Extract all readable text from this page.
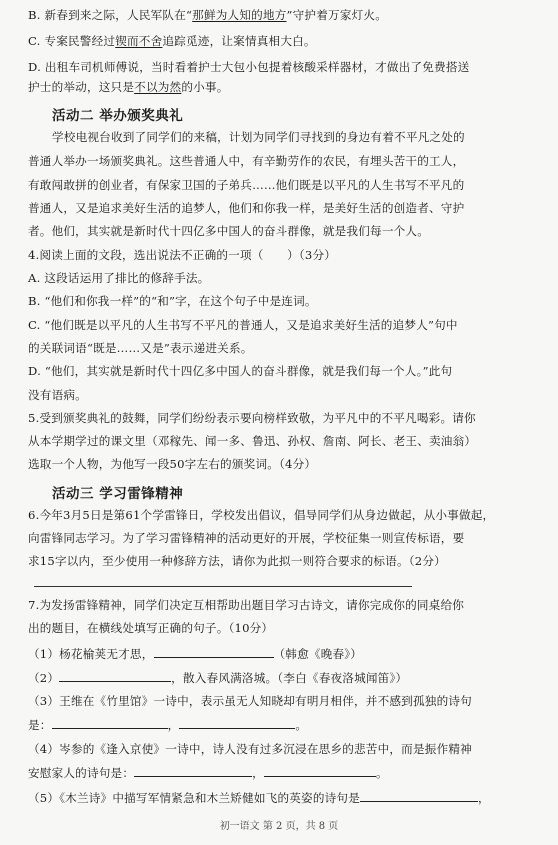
B. 新春到来之际，人民军队在“那鲜为人知的地方”守护着万家灯火。
C. 专案民警经过锲而不舍追踪觅迹，让案情真相大白。
D. 出租车司机师傅说，当时看着护士大包小包提着核酸采样器材，才做出了免费搭送
护士的举动，这只是不以为然的小事。
活动二 举办颁奖典礼
学校电视台收到了同学们的来稿，计划为同学们寻找到的身边有着不平凡之处的
普通人举办一场颁奖典礼。这些普通人中，有辛勤劳作的农民，有埋头苦干的工人，
有敢闯敢拼的创业者，有保家卫国的子弟兵……他们既是以平凡的人生书写不平凡的
普通人，又是追求美好生活的追梦人，他们和你我一样，是美好生活的创造者、守护
者。他们，其实就是新时代十四亿多中国人的奋斗群像，就是我们每一个人。
4.阅读上面的文段，选出说法不正确的一项（　　）（3分）
A. 这段话运用了排比的修辞手法。
B. “他们和你我一样”的“和”字，在这个句子中是连词。
C. “他们既是以平凡的人生书写不平凡的普通人，又是追求美好生活的追梦人”句中
的关联词语“既是……又是”表示递进关系。
D. “他们，其实就是新时代十四亿多中国人的奋斗群像，就是我们每一个人。”此句
没有语病。
5.受到颁奖典礼的鼓舞，同学们纷纷表示要向榜样致敬，为平凡中的不平凡喝彩。请你
从本学期学过的课文里（邓稼先、闻一多、鲁迅、孙权、詹南、阿长、老王、卖油翁）
选取一个人物，为他写一段50字左右的颁奖词。（4分）
活动三 学习雷锋精神
6.今年3月5日是第61个学雷锋日，学校发出倡议，倡导同学们从身边做起，从小事做起，
向雷锋同志学习。为了学习雷锋精神的活动更好的开展，学校征集一则宣传标语，要
求15字以内，至少使用一种修辞方法，请你为此拟一则符合要求的标语。（2分）
7.为发扬雷锋精神，同学们决定互相帮助出题目学习古诗文，请你完成你的同桌给你
出的题目，在横线处填写正确的句子。（10分）
（1）杨花榆荚无才思，	（韩愈《晚春》）
（2）	，散入春风满洛城。（李白《春夜洛城闻笛》）
（3）王维在《竹里馆》一诗中，表示虽无人知晓却有明月相伴，并不感到孤独的诗句
是：	，	。
（4）岑参的《逢入京使》一诗中，诗人没有过多沉浸在思乡的悲苦中，而是振作精神
安慰家人的诗句是：	，	。
（5）《木兰诗》中描写军情紧急和木兰矫健如飞的英姿的诗句是	，
初一语文 第 2 页，共 8 页
